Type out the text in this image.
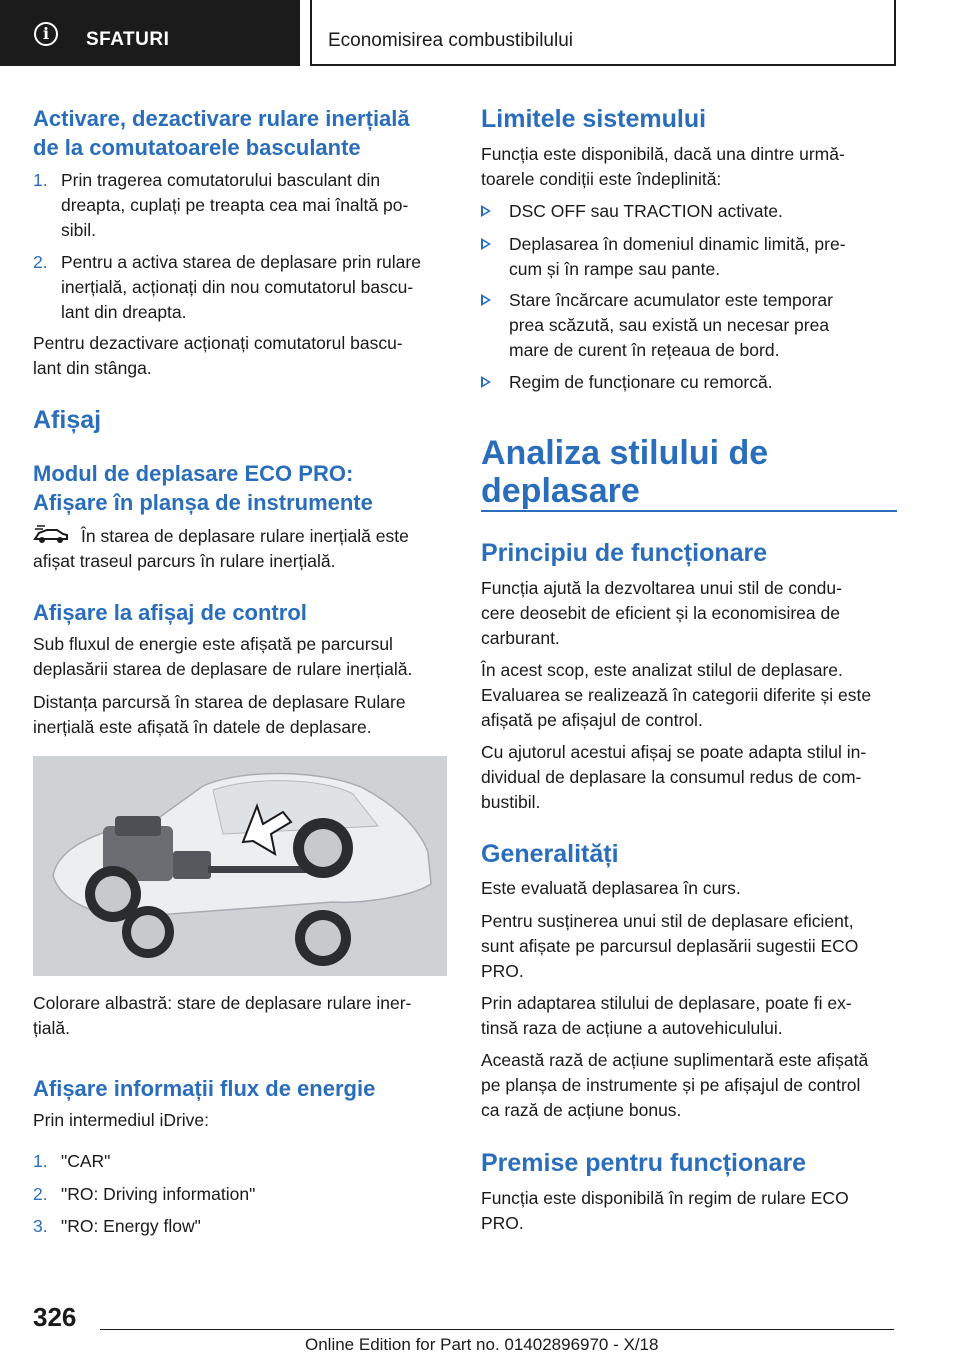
i	SFATURI	Economisirea combustibilului
Activare, dezactivare rulare inerțială
de la comutatoarele basculante
1. Prin tragerea comutatorului basculant din
dreapta, cuplați pe treapta cea mai înaltă po-
sibil.
2. Pentru a activa starea de deplasare prin rulare
inerțială, acționați din nou comutatorul bascu-
lant din dreapta.
Pentru dezactivare acționați comutatorul bascu-
lant din stânga.
Afișaj
Modul de deplasare ECO PRO:
Afișare în planșa de instrumente
În starea de deplasare rulare inerțială este
afișat traseul parcurs în rulare inerțială.
Afișare la afișaj de control
Sub fluxul de energie este afișată pe parcursul
deplasării starea de deplasare de rulare inerțială.
Distanța parcursă în starea de deplasare Rulare
inerțială este afișată în datele de deplasare.
Colorare albastră: stare de deplasare rulare iner-
țială.
Afișare informații flux de energie
Prin intermediul iDrive:
1. "CAR"
2. "RO: Driving information"
3. "RO: Energy flow"
Limitele sistemului
Funcția este disponibilă, dacă una dintre urmă-
toarele condiții este îndeplinită:
DSC OFF sau TRACTION activate.
Deplasarea în domeniul dinamic limită, pre-
cum și în rampe sau pante.
Stare încărcare acumulator este temporar
prea scăzută, sau există un necesar prea
mare de curent în rețeaua de bord.
Regim de funcționare cu remorcă.
Analiza stilului de
deplasare
Principiu de funcționare
Funcția ajută la dezvoltarea unui stil de condu-
cere deosebit de eficient și la economisirea de
carburant.
În acest scop, este analizat stilul de deplasare.
Evaluarea se realizează în categorii diferite și este
afișată pe afișajul de control.
Cu ajutorul acestui afișaj se poate adapta stilul in-
dividual de deplasare la consumul redus de com-
bustibil.
Generalități
Este evaluată deplasarea în curs.
Pentru susținerea unui stil de deplasare eficient,
sunt afișate pe parcursul deplasării sugestii ECO
PRO.
Prin adaptarea stilului de deplasare, poate fi ex-
tinsă raza de acțiune a autovehiculului.
Această rază de acțiune suplimentară este afișată
pe planșa de instrumente și pe afișajul de control
ca rază de acțiune bonus.
Premise pentru funcționare
Funcția este disponibilă în regim de rulare ECO
PRO.
326
Online Edition for Part no. 01402896970 - X/18
